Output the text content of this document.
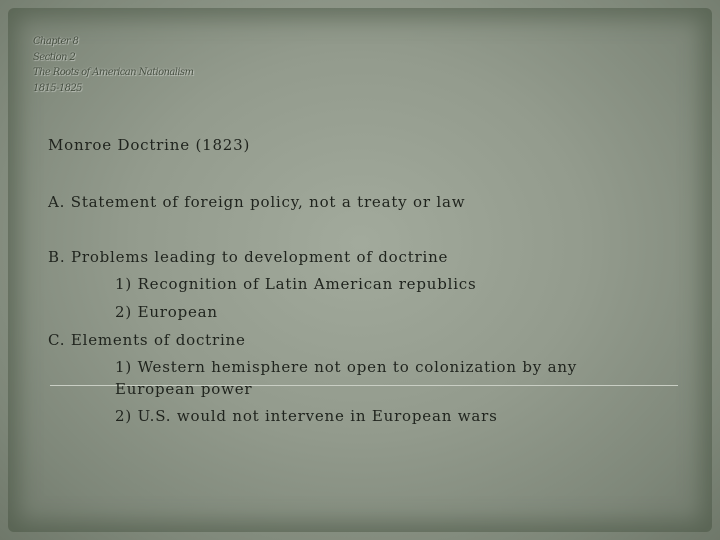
Chapter 8
Section 2
The Roots of American Nationalism
1815-1825
Monroe Doctrine (1823)
A. Statement of foreign policy, not a treaty or law
B. Problems leading to development of doctrine
1) Recognition of Latin American republics
2) European
C. Elements of doctrine
1) Western hemisphere not open to colonization by any
European power
2) U.S. would not intervene in European wars
